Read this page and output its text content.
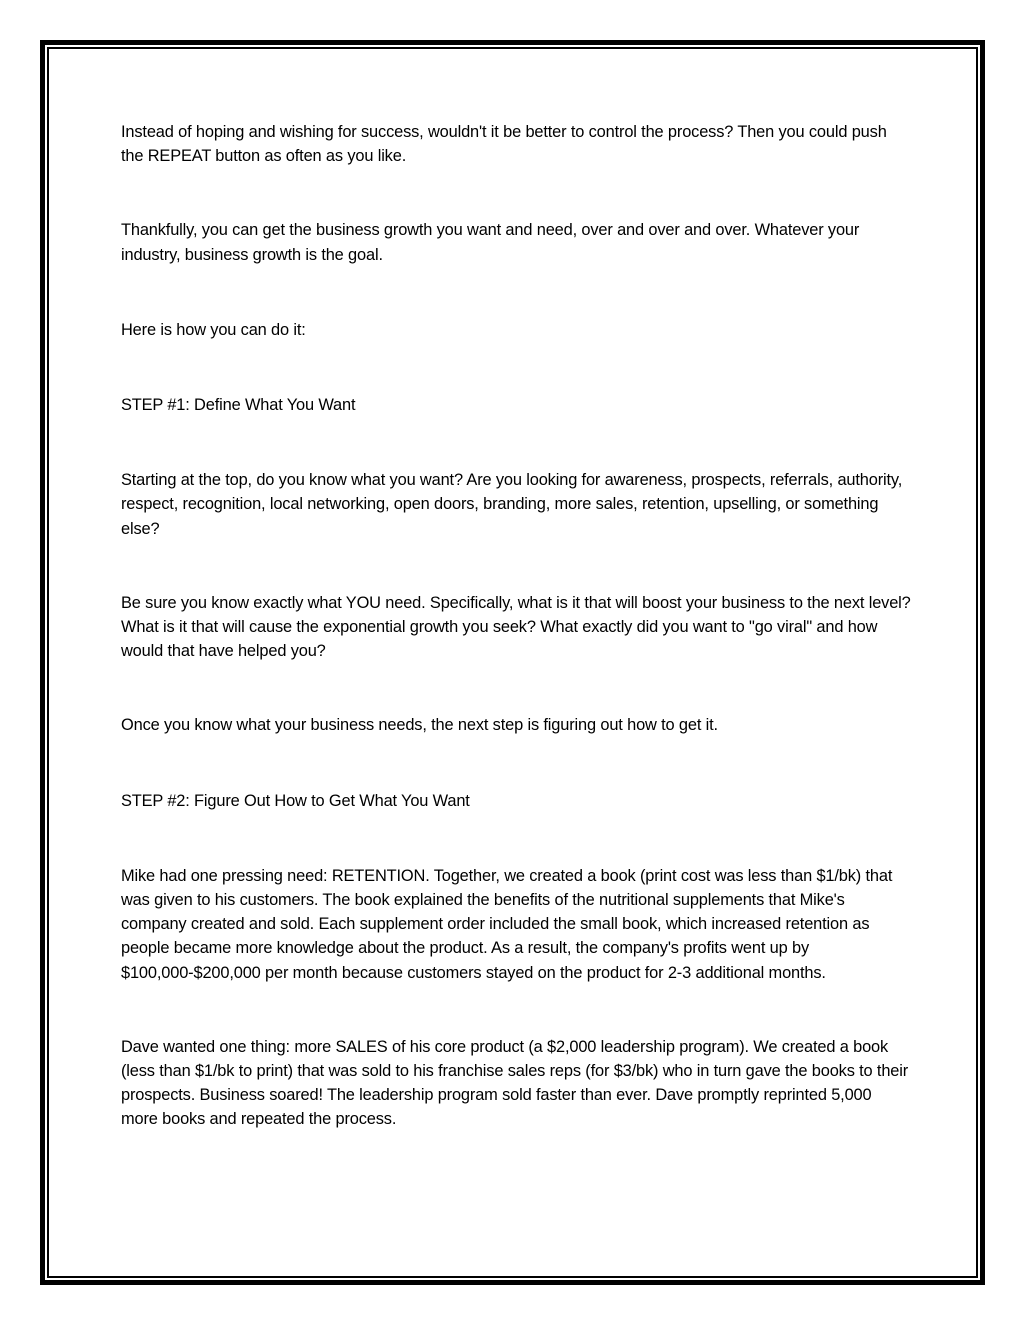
Instead of hoping and wishing for success, wouldn't it be better to control the process? Then you could push the REPEAT button as often as you like.

Thankfully, you can get the business growth you want and need, over and over and over. Whatever your industry, business growth is the goal.

Here is how you can do it:

STEP #1: Define What You Want

Starting at the top, do you know what you want? Are you looking for awareness, prospects, referrals, authority, respect, recognition, local networking, open doors, branding, more sales, retention, upselling, or something else?

Be sure you know exactly what YOU need. Specifically, what is it that will boost your business to the next level? What is it that will cause the exponential growth you seek? What exactly did you want to "go viral" and how would that have helped you?

Once you know what your business needs, the next step is figuring out how to get it.

STEP #2: Figure Out How to Get What You Want

Mike had one pressing need: RETENTION. Together, we created a book (print cost was less than $1/bk) that was given to his customers. The book explained the benefits of the nutritional supplements that Mike's company created and sold. Each supplement order included the small book, which increased retention as people became more knowledge about the product. As a result, the company's profits went up by $100,000-$200,000 per month because customers stayed on the product for 2-3 additional months.

Dave wanted one thing: more SALES of his core product (a $2,000 leadership program). We created a book (less than $1/bk to print) that was sold to his franchise sales reps (for $3/bk) who in turn gave the books to their prospects. Business soared! The leadership program sold faster than ever. Dave promptly reprinted 5,000 more books and repeated the process.
